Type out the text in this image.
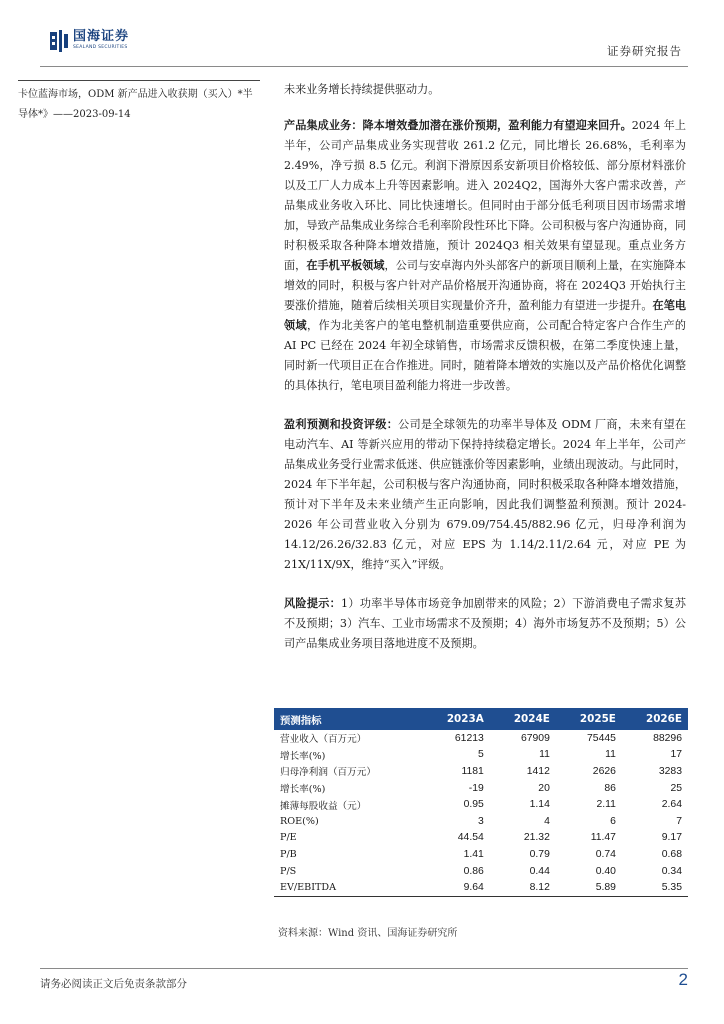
国海证券
SEALAND SECURITIES	证券研究报告
卡位蓝海市场，ODM 新产品进入收获期（买入）*半导体*》——2023-09-14

未来业务增长持续提供驱动力。

产品集成业务：降本增效叠加潜在涨价预期，盈利能力有望迎来回升。2024 年上半年，公司产品集成业务实现营收 261.2 亿元，同比增长 26.68%，毛利率为 2.49%，净亏损 8.5 亿元。利润下滑原因系安新项目价格较低、部分原材料涨价以及工厂人力成本上升等因素影响。进入 2024Q2，国海外大客户需求改善，产品集成业务收入环比、同比快速增长。但同时由于部分低毛利项目因市场需求增加，导致产品集成业务综合毛利率阶段性环比下降。公司积极与客户沟通协商，同时积极采取各种降本增效措施，预计 2024Q3 相关效果有望显现。重点业务方面，在手机平板领域，公司与安卓海内外头部客户的新项目顺利上量，在实施降本增效的同时，积极与客户针对产品价格展开沟通协商，将在 2024Q3 开始执行主要涨价措施，随着后续相关项目实现量价齐升，盈利能力有望进一步提升。在笔电领域，作为北美客户的笔电整机制造重要供应商，公司配合特定客户合作生产的 AI PC 已经在 2024 年初全球销售，市场需求反馈积极，在第二季度快速上量，同时新一代项目正在合作推进。同时，随着降本增效的实施以及产品价格优化调整的具体执行，笔电项目盈利能力将进一步改善。

盈利预测和投资评级：公司是全球领先的功率半导体及 ODM 厂商，未来有望在电动汽车、AI 等新兴应用的带动下保持持续稳定增长。2024 年上半年，公司产品集成业务受行业需求低迷、供应链涨价等因素影响，业绩出现波动。与此同时，2024 年下半年起，公司积极与客户沟通协商，同时积极采取各种降本增效措施，预计对下半年及未来业绩产生正向影响，因此我们调整盈利预测。预计 2024-2026 年公司营业收入分别为 679.09/754.45/882.96 亿元，归母净利润为 14.12/26.26/32.83 亿元，对应 EPS 为 1.14/2.11/2.64 元，对应 PE 为 21X/11X/9X，维持“买入”评级。

风险提示：1）功率半导体市场竞争加剧带来的风险；2）下游消费电子需求复苏不及预期；3）汽车、工业市场需求不及预期；4）海外市场复苏不及预期；5）公司产品集成业务项目落地进度不及预期。

预测指标	2023A	2024E	2025E	2026E
营业收入（百万元）	61213	67909	75445	88296
增长率(%)	5	11	11	17
归母净利润（百万元）	1181	1412	2626	3283
增长率(%)	-19	20	86	25
摊薄每股收益（元）	0.95	1.14	2.11	2.64
ROE(%)	3	4	6	7
P/E	44.54	21.32	11.47	9.17
P/B	1.41	0.79	0.74	0.68
P/S	0.86	0.44	0.40	0.34
EV/EBITDA	9.64	8.12	5.89	5.35
资料来源：Wind 资讯、国海证券研究所
请务必阅读正文后免责条款部分	2
